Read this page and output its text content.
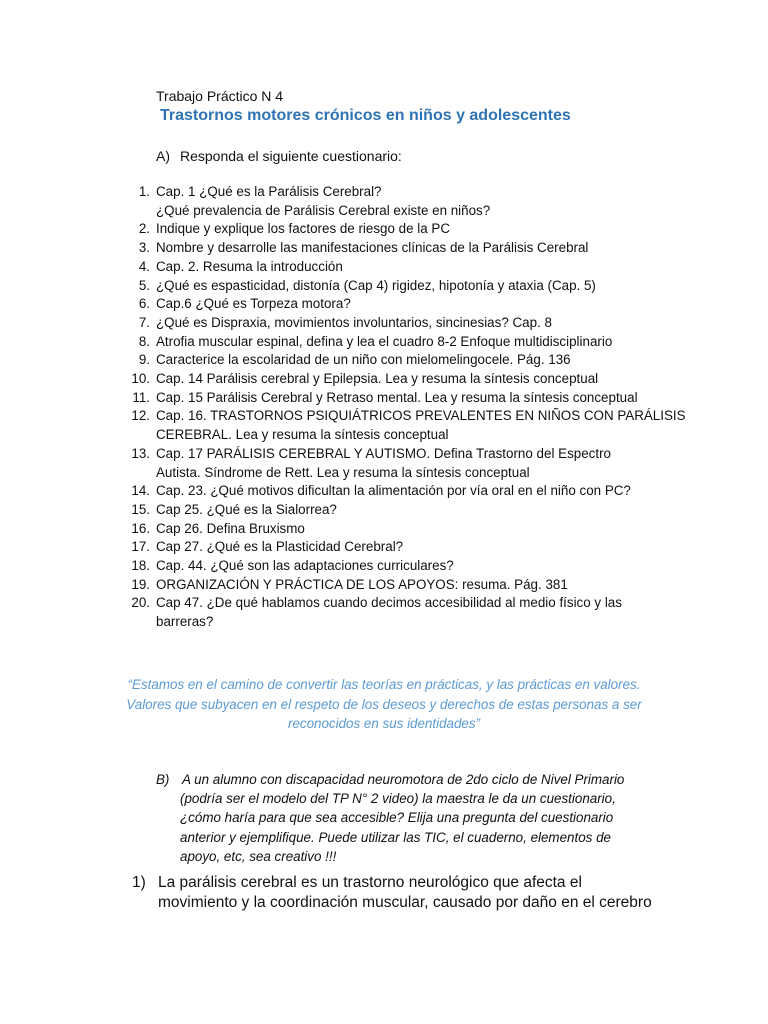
Trabajo Práctico N 4
Trastornos motores crónicos en niños y adolescentes
A) Responda el siguiente cuestionario:
1. Cap. 1 ¿Qué es la Parálisis Cerebral?
¿Qué prevalencia de Parálisis Cerebral existe en niños?
2. Indique y explique los factores de riesgo de la PC
3. Nombre y desarrolle las manifestaciones clínicas de la Parálisis Cerebral
4. Cap. 2. Resuma la introducción
5. ¿Qué es espasticidad, distonía (Cap 4) rigidez, hipotonía y ataxia (Cap. 5)
6. Cap.6 ¿Qué es Torpeza motora?
7. ¿Qué es Dispraxia, movimientos involuntarios, sincinesias? Cap. 8
8. Atrofia muscular espinal, defina y lea el cuadro 8-2 Enfoque multidisciplinario
9. Caracterice la escolaridad de un niño con mielomelingocele. Pág. 136
10. Cap. 14 Parálisis cerebral y Epilepsia. Lea y resuma la síntesis conceptual
11. Cap. 15 Parálisis Cerebral y Retraso mental. Lea y resuma la síntesis conceptual
12. Cap. 16. TRASTORNOS PSIQUIÁTRICOS PREVALENTES EN NIÑOS CON PARÁLISIS
CEREBRAL. Lea y resuma la síntesis conceptual
13. Cap. 17 PARÁLISIS CEREBRAL Y AUTISMO. Defina Trastorno del Espectro
Autista. Síndrome de Rett. Lea y resuma la síntesis conceptual
14. Cap. 23. ¿Qué motivos dificultan la alimentación por vía oral en el niño con PC?
15. Cap 25. ¿Qué es la Sialorrea?
16. Cap 26. Defina Bruxismo
17. Cap 27. ¿Qué es la Plasticidad Cerebral?
18. Cap. 44. ¿Qué son las adaptaciones curriculares?
19. ORGANIZACIÓN Y PRÁCTICA DE LOS APOYOS: resuma. Pág. 381
20. Cap 47. ¿De qué hablamos cuando decimos accesibilidad al medio físico y las
barreras?
“Estamos en el camino de convertir las teorías en prácticas, y las prácticas en valores.
Valores que subyacen en el respeto de los deseos y derechos de estas personas a ser
reconocidos en sus identidades”
B) A un alumno con discapacidad neuromotora de 2do ciclo de Nivel Primario
(podría ser el modelo del TP N° 2 video) la maestra le da un cuestionario,
¿cómo haría para que sea accesible? Elija una pregunta del cuestionario
anterior y ejemplifique. Puede utilizar las TIC, el cuaderno, elementos de
apoyo, etc, sea creativo !!!
1) La parálisis cerebral es un trastorno neurológico que afecta el
movimiento y la coordinación muscular, causado por daño en el cerebro
